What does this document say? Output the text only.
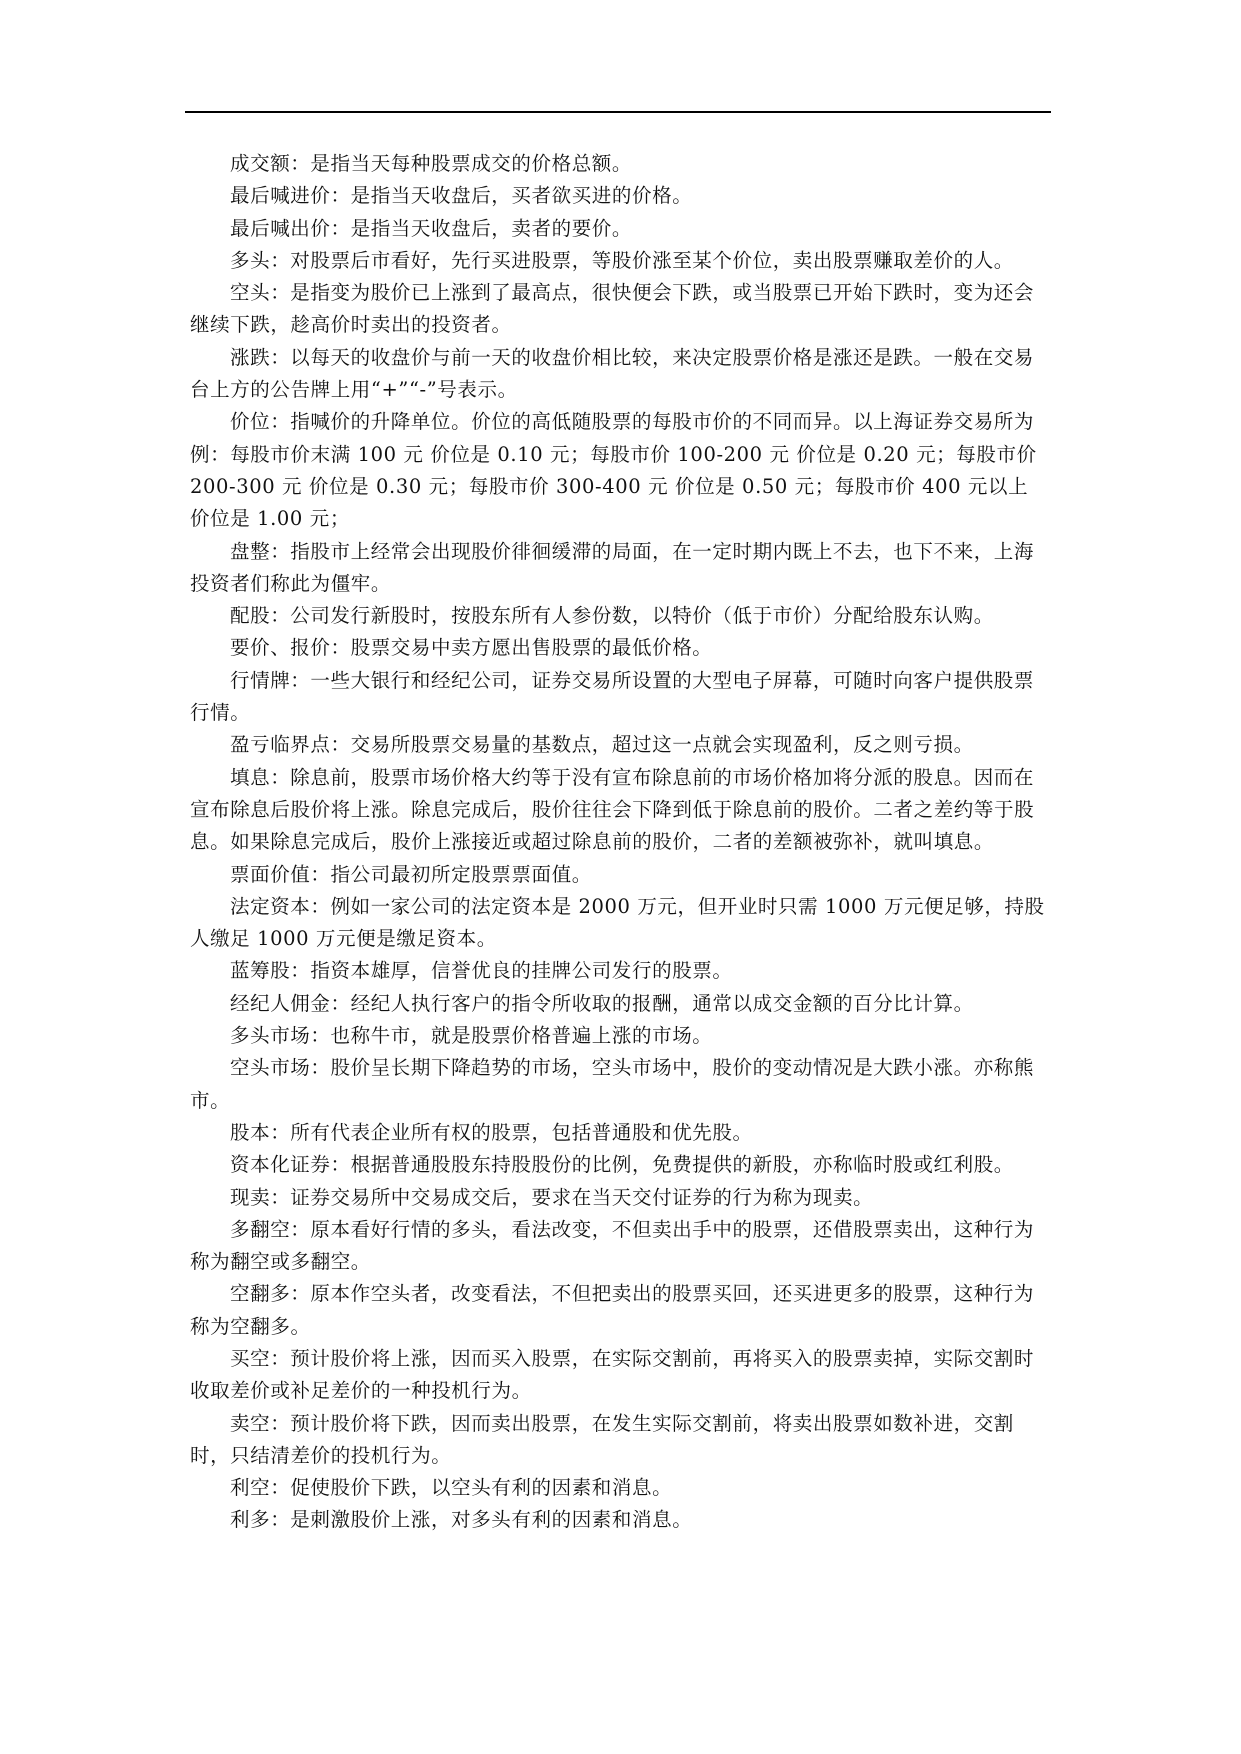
成交额：是指当天每种股票成交的价格总额。

最后喊进价：是指当天收盘后，买者欲买进的价格。

最后喊出价：是指当天收盘后，卖者的要价。

多头：对股票后市看好，先行买进股票，等股价涨至某个价位，卖出股票赚取差价的人。

空头：是指变为股价已上涨到了最高点，很快便会下跌，或当股票已开始下跌时，变为还会继续下跌，趁高价时卖出的投资者。

涨跌：以每天的收盘价与前一天的收盘价相比较，来决定股票价格是涨还是跌。一般在交易台上方的公告牌上用“+”“-”号表示。

价位：指喊价的升降单位。价位的高低随股票的每股市价的不同而异。以上海证券交易所为例：每股市价末满 100 元 价位是 0.10 元；每股市价 100-200 元 价位是 0.20 元；每股市价 200-300 元 价位是 0.30 元；每股市价 300-400 元 价位是 0.50 元；每股市价 400 元以上 价位是 1.00 元；

盘整：指股市上经常会出现股价徘徊缓滞的局面，在一定时期内既上不去，也下不来，上海投资者们称此为僵牢。

配股：公司发行新股时，按股东所有人参份数，以特价（低于市价）分配给股东认购。

要价、报价：股票交易中卖方愿出售股票的最低价格。

行情牌：一些大银行和经纪公司，证券交易所设置的大型电子屏幕，可随时向客户提供股票行情。

盈亏临界点：交易所股票交易量的基数点，超过这一点就会实现盈利，反之则亏损。

填息：除息前，股票市场价格大约等于没有宣布除息前的市场价格加将分派的股息。因而在宣布除息后股价将上涨。除息完成后，股价往往会下降到低于除息前的股价。二者之差约等于股息。如果除息完成后，股价上涨接近或超过除息前的股价，二者的差额被弥补，就叫填息。

票面价值：指公司最初所定股票票面值。

法定资本：例如一家公司的法定资本是 2000 万元，但开业时只需 1000 万元便足够，持股人缴足 1000 万元便是缴足资本。

蓝筹股：指资本雄厚，信誉优良的挂牌公司发行的股票。

经纪人佣金：经纪人执行客户的指令所收取的报酬，通常以成交金额的百分比计算。

多头市场：也称牛市，就是股票价格普遍上涨的市场。

空头市场：股价呈长期下降趋势的市场，空头市场中，股价的变动情况是大跌小涨。亦称熊市。

股本：所有代表企业所有权的股票，包括普通股和优先股。

资本化证券：根据普通股股东持股股份的比例，免费提供的新股，亦称临时股或红利股。

现卖：证券交易所中交易成交后，要求在当天交付证券的行为称为现卖。

多翻空：原本看好行情的多头，看法改变，不但卖出手中的股票，还借股票卖出，这种行为称为翻空或多翻空。

空翻多：原本作空头者，改变看法，不但把卖出的股票买回，还买进更多的股票，这种行为称为空翻多。

买空：预计股价将上涨，因而买入股票，在实际交割前，再将买入的股票卖掉，实际交割时收取差价或补足差价的一种投机行为。

卖空：预计股价将下跌，因而卖出股票，在发生实际交割前，将卖出股票如数补进，交割时，只结清差价的投机行为。

利空：促使股价下跌，以空头有利的因素和消息。

利多：是刺激股价上涨，对多头有利的因素和消息。
